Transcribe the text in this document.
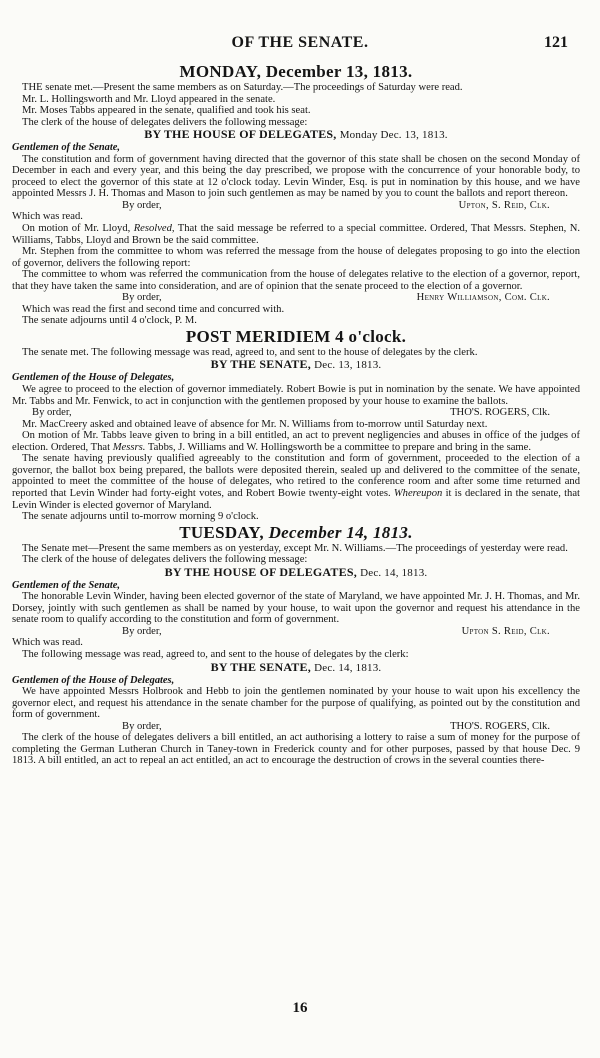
OF THE SENATE.	121
MONDAY, December 13, 1813.

THE senate met.—Present the same members as on Saturday.—The proceedings of Saturday were read.

Mr. L. Hollingsworth and Mr. Lloyd appeared in the senate.

Mr. Moses Tabbs appeared in the senate, qualified and took his seat.

The clerk of the house of delegates delivers the following message:

BY THE HOUSE OF DELEGATES, Monday Dec. 13, 1813.

Gentlemen of the Senate,

The constitution and form of government having directed that the governor of this state shall be chosen on the second Monday of December in each and every year, and this being the day prescribed, we propose with the concurrence of your honorable body, to proceed to elect the governor of this state at 12 o'clock today. Levin Winder, Esq. is put in nomination by this house, and we have appointed Messrs J. H. Thomas and Mason to join such gentlemen as may be named by you to count the ballots and report thereon.

By order,	Upton, S. Reid, Clk.

Which was read.

On motion of Mr. Lloyd, Resolved, That the said message be referred to a special committee. Ordered, That Messrs. Stephen, N. Williams, Tabbs, Lloyd and Brown be the said committee.

Mr. Stephen from the committee to whom was referred the message from the house of delegates proposing to go into the election of governor, delivers the following report:

The committee to whom was referred the communication from the house of delegates relative to the election of a governor, report, that they have taken the same into consideration, and are of opinion that the senate proceed to the election of a governor.

By order,	Henry Williamson, Com. Clk.

Which was read the first and second time and concurred with.

The senate adjourns until 4 o'clock, P. M.

POST MERIDIEM 4 o'clock.

The senate met. The following message was read, agreed to, and sent to the house of delegates by the clerk.

BY THE SENATE, Dec. 13, 1813.

Gentlemen of the House of Delegates,

We agree to proceed to the election of governor immediately. Robert Bowie is put in nomination by the senate. We have appointed Mr. Tabbs and Mr. Fenwick, to act in conjunction with the gentlemen proposed by your house to examine the ballots.

By order,	THO'S. ROGERS, Clk.

Mr. MacCreery asked and obtained leave of absence for Mr. N. Williams from to-morrow until Saturday next.

On motion of Mr. Tabbs leave given to bring in a bill entitled, an act to prevent negligencies and abuses in office of the judges of election. Ordered, That Messrs. Tabbs, J. Williams and W. Hollingsworth be a committee to prepare and bring in the same.

The senate having previously qualified agreeably to the constitution and form of government, proceeded to the election of a governor, the ballot box being prepared, the ballots were deposited therein, sealed up and delivered to the committee of the senate, appointed to meet the committee of the house of delegates, who retired to the conference room and after some time returned and reported that Levin Winder had forty-eight votes, and Robert Bowie twenty-eight votes. Whereupon it is declared in the senate, that Levin Winder is elected governor of Maryland.

The senate adjourns until to-morrow morning 9 o'clock.

TUESDAY, December 14, 1813.

The Senate met—Present the same members as on yesterday, except Mr. N. Williams.—The proceedings of yesterday were read.

The clerk of the house of delegates delivers the following message:

BY THE HOUSE OF DELEGATES, Dec. 14, 1813.

Gentlemen of the Senate,

The honorable Levin Winder, having been elected governor of the state of Maryland, we have appointed Mr. J. H. Thomas, and Mr. Dorsey, jointly with such gentlemen as shall be named by your house, to wait upon the governor and request his attendance in the senate room to qualify according to the constitution and form of government.

By order,	Upton S. Reid, Clk.

Which was read.

The following message was read, agreed to, and sent to the house of delegates by the clerk:

BY THE SENATE, Dec. 14, 1813.

Gentlemen of the House of Delegates,

We have appointed Messrs Holbrook and Hebb to join the gentlemen nominated by your house to wait upon his excellency the governor elect, and request his attendance in the senate chamber for the purpose of qualifying, as pointed out by the constitution and form of government.

By order,	THO'S. ROGERS, Clk.

The clerk of the house of delegates delivers a bill entitled, an act authorising a lottery to raise a sum of money for the purpose of completing the German Lutheran Church in Taney-town in Frederick county and for other purposes, passed by that house Dec. 9 1813. A bill entitled, an act to repeal an act entitled, an act to encourage the destruction of crows in the several counties there-

16
